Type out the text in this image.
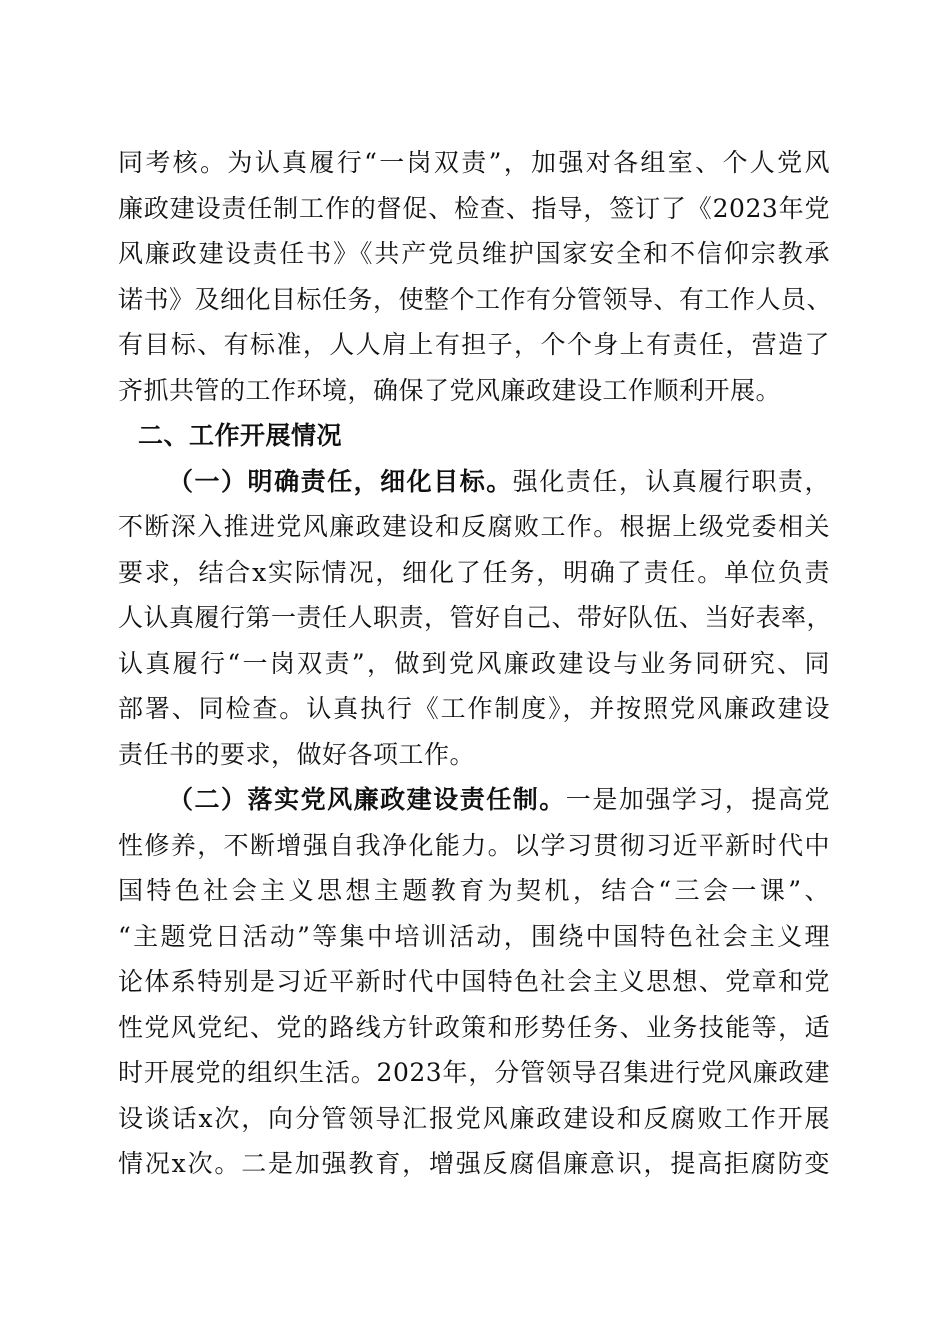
同考核。为认真履行“一岗双责”，加强对各组室、个人党风
廉政建设责任制工作的督促、检查、指导，签订了《2023年党
风廉政建设责任书》《共产党员维护国家安全和不信仰宗教承
诺书》及细化目标任务，使整个工作有分管领导、有工作人员、
有目标、有标准，人人肩上有担子，个个身上有责任，营造了
齐抓共管的工作环境，确保了党风廉政建设工作顺利开展。
二、工作开展情况
（一）明确责任，细化目标。强化责任，认真履行职责，
不断深入推进党风廉政建设和反腐败工作。根据上级党委相关
要求，结合x实际情况，细化了任务，明确了责任。单位负责
人认真履行第一责任人职责，管好自己、带好队伍、当好表率，
认真履行“一岗双责”，做到党风廉政建设与业务同研究、同
部署、同检查。认真执行《工作制度》，并按照党风廉政建设
责任书的要求，做好各项工作。
（二）落实党风廉政建设责任制。一是加强学习，提高党
性修养，不断增强自我净化能力。以学习贯彻习近平新时代中
国特色社会主义思想主题教育为契机，结合“三会一课”、
“主题党日活动”等集中培训活动，围绕中国特色社会主义理
论体系特别是习近平新时代中国特色社会主义思想、党章和党
性党风党纪、党的路线方针政策和形势任务、业务技能等，适
时开展党的组织生活。2023年，分管领导召集进行党风廉政建
设谈话x次，向分管领导汇报党风廉政建设和反腐败工作开展
情况x次。二是加强教育，增强反腐倡廉意识，提高拒腐防变
